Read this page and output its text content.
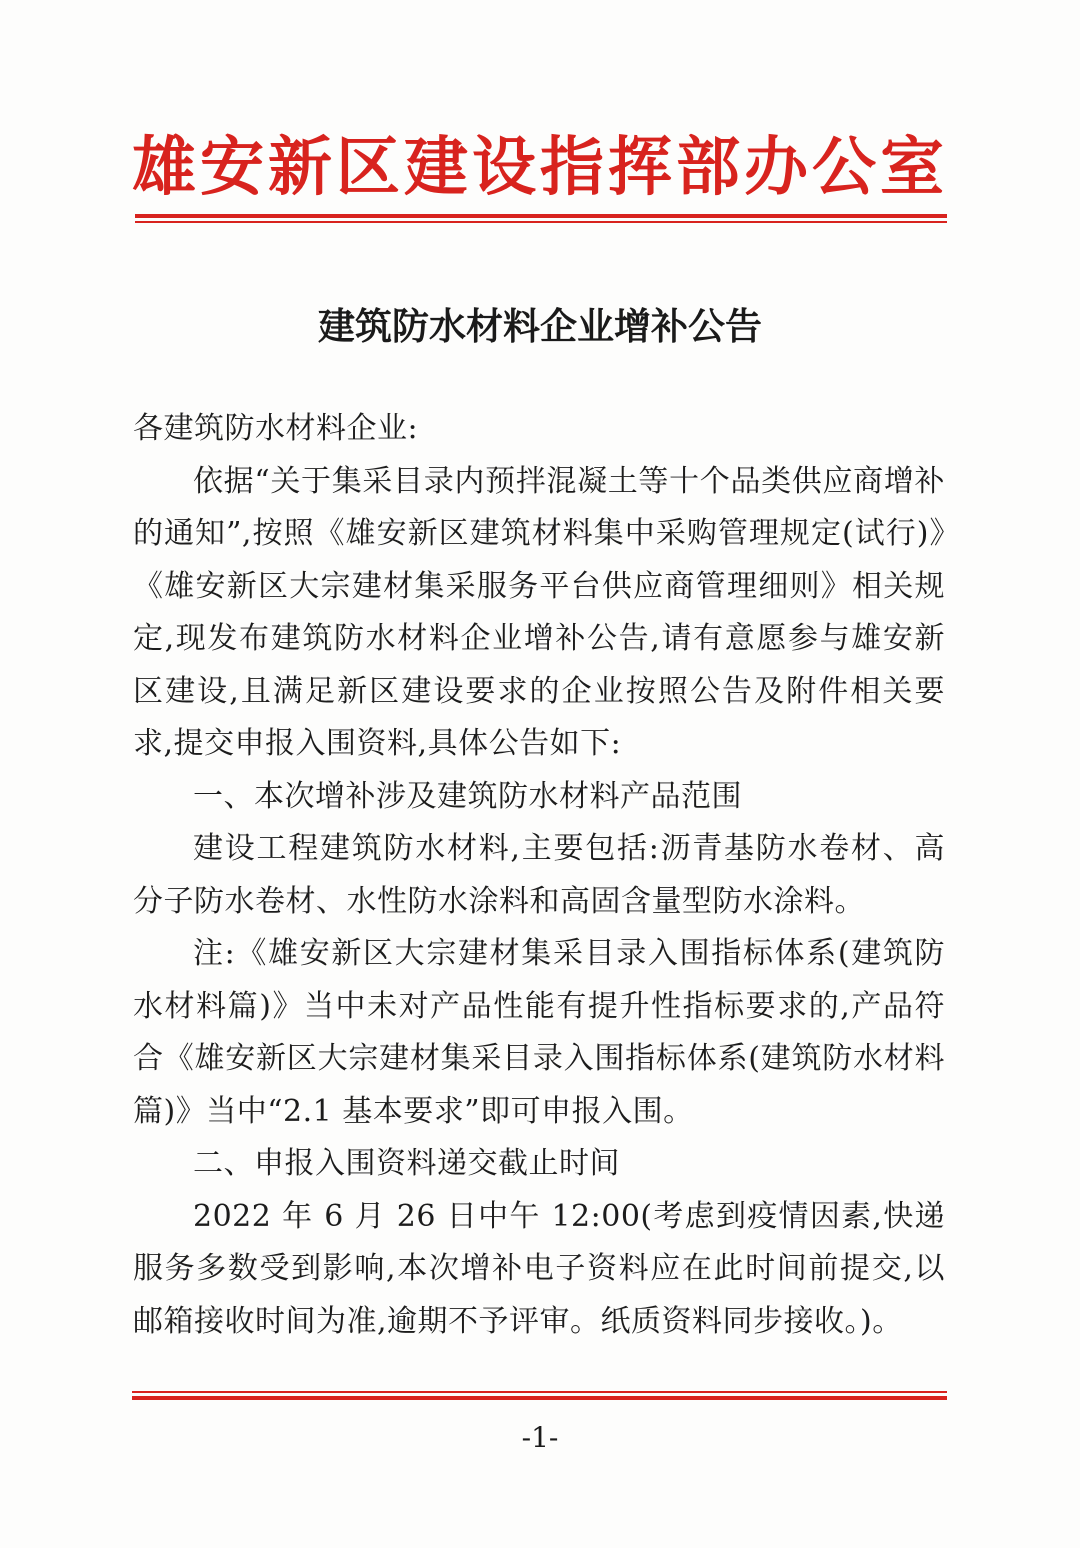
雄安新区建设指挥部办公室
建筑防水材料企业增补公告

各建筑防水材料企业:

依据“关于集采目录内预拌混凝土等十个品类供应商增补的通知”,按照《雄安新区建筑材料集中采购管理规定(试行)》《雄安新区大宗建材集采服务平台供应商管理细则》相关规定,现发布建筑防水材料企业增补公告,请有意愿参与雄安新区建设,且满足新区建设要求的企业按照公告及附件相关要求,提交申报入围资料,具体公告如下:

一、本次增补涉及建筑防水材料产品范围

建设工程建筑防水材料,主要包括:沥青基防水卷材、高分子防水卷材、水性防水涂料和高固含量型防水涂料。

注:《雄安新区大宗建材集采目录入围指标体系(建筑防水材料篇)》当中未对产品性能有提升性指标要求的,产品符合《雄安新区大宗建材集采目录入围指标体系(建筑防水材料篇)》当中“2.1 基本要求”即可申报入围。

二、申报入围资料递交截止时间

2022 年 6 月 26 日中午 12:00(考虑到疫情因素,快递服务多数受到影响,本次增补电子资料应在此时间前提交,以邮箱接收时间为准,逾期不予评审。纸质资料同步接收。)。

-1-
